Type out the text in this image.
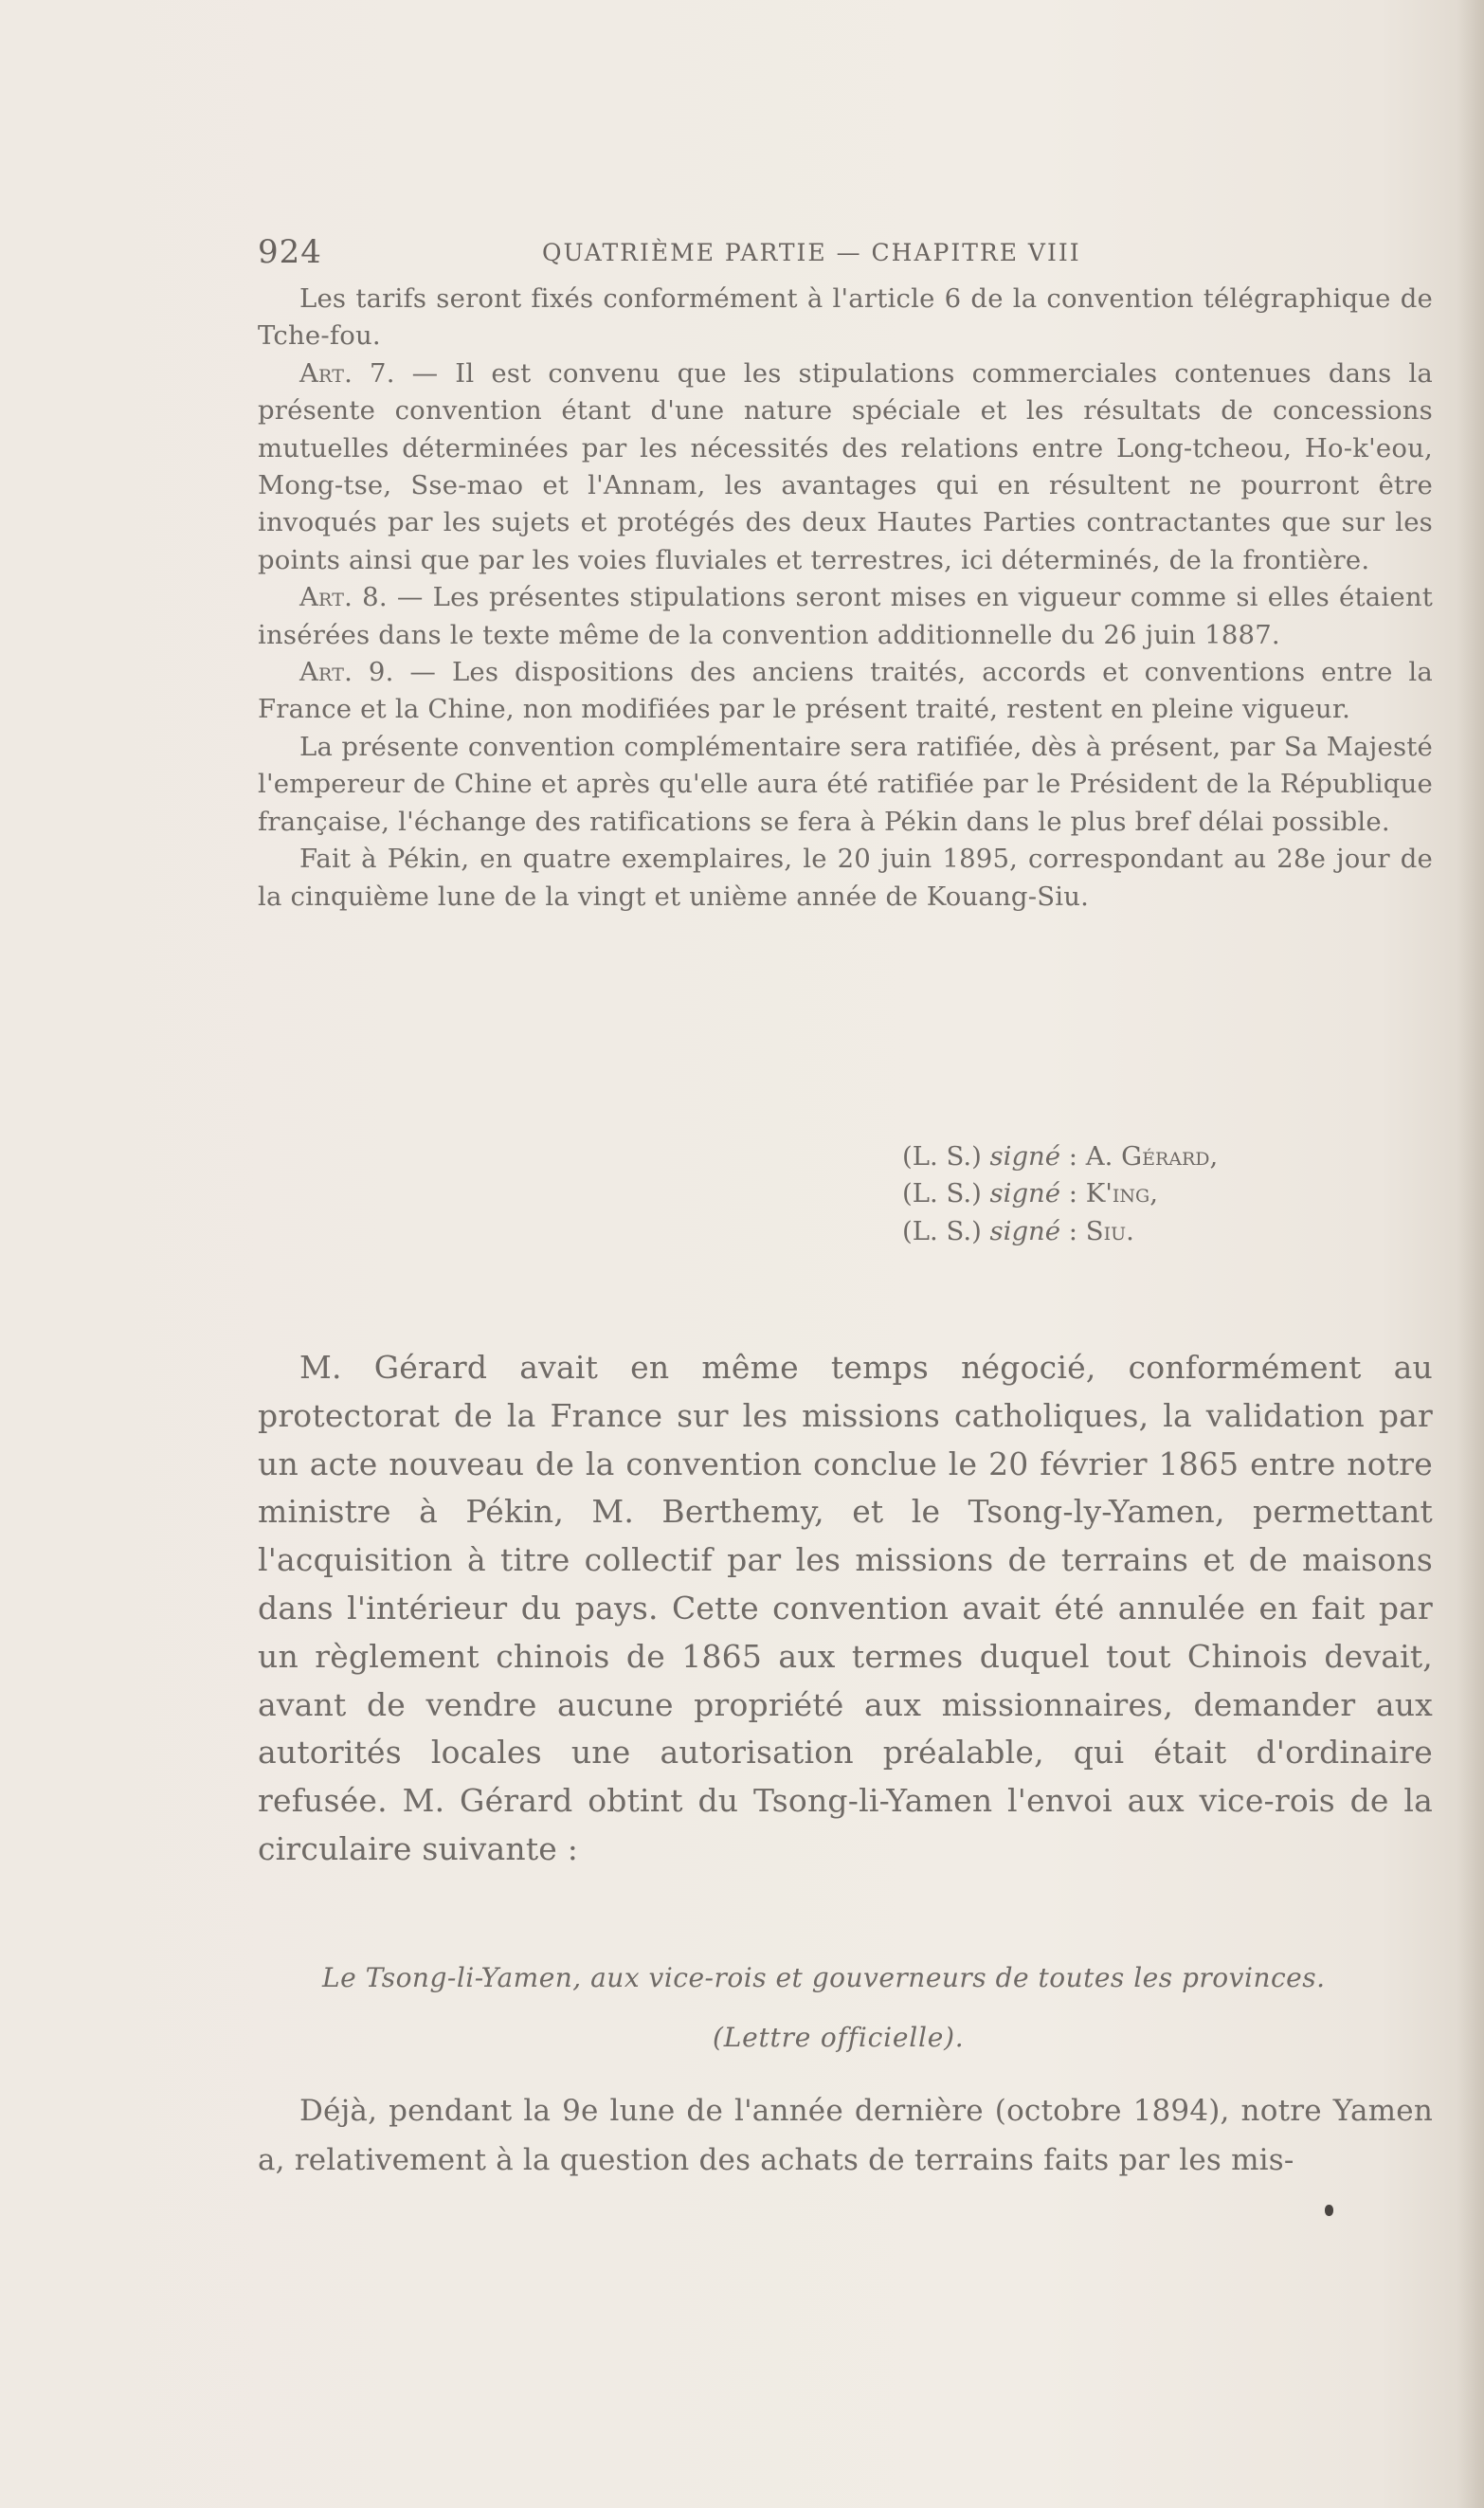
924	QUATRIÈME PARTIE — CHAPITRE VIII

Les tarifs seront fixés conformément à l'article 6 de la convention télégraphique de Tche-fou.

Art. 7. — Il est convenu que les stipulations commerciales contenues dans la présente convention étant d'une nature spéciale et les résultats de concessions mutuelles déterminées par les nécessités des relations entre Long-tcheou, Ho-k'eou, Mong-tse, Sse-mao et l'Annam, les avantages qui en résultent ne pourront être invoqués par les sujets et protégés des deux Hautes Parties contractantes que sur les points ainsi que par les voies fluviales et terrestres, ici déterminés, de la frontière.

Art. 8. — Les présentes stipulations seront mises en vigueur comme si elles étaient insérées dans le texte même de la convention additionnelle du 26 juin 1887.

Art. 9. — Les dispositions des anciens traités, accords et conventions entre la France et la Chine, non modifiées par le présent traité, restent en pleine vigueur.

La présente convention complémentaire sera ratifiée, dès à présent, par Sa Majesté l'empereur de Chine et après qu'elle aura été ratifiée par le Président de la République française, l'échange des ratifications se fera à Pékin dans le plus bref délai possible.

Fait à Pékin, en quatre exemplaires, le 20 juin 1895, correspondant au 28e jour de la cinquième lune de la vingt et unième année de Kouang-Siu.

(L. S.) signé : A. Gérard,
(L. S.) signé : K'ing,
(L. S.) signé : Siu.

M. Gérard avait en même temps négocié, conformément au protectorat de la France sur les missions catholiques, la validation par un acte nouveau de la convention conclue le 20 février 1865 entre notre ministre à Pékin, M. Berthemy, et le Tsong-ly-Yamen, permettant l'acquisition à titre collectif par les missions de terrains et de maisons dans l'intérieur du pays. Cette convention avait été annulée en fait par un règlement chinois de 1865 aux termes duquel tout Chinois devait, avant de vendre aucune propriété aux missionnaires, demander aux autorités locales une autorisation préalable, qui était d'ordinaire refusée. M. Gérard obtint du Tsong-li-Yamen l'envoi aux vice-rois de la circulaire suivante :

Le Tsong-li-Yamen, aux vice-rois et gouverneurs de toutes les provinces.
(Lettre officielle).

Déjà, pendant la 9e lune de l'année dernière (octobre 1894), notre Yamen a, relativement à la question des achats de terrains faits par les mis-
